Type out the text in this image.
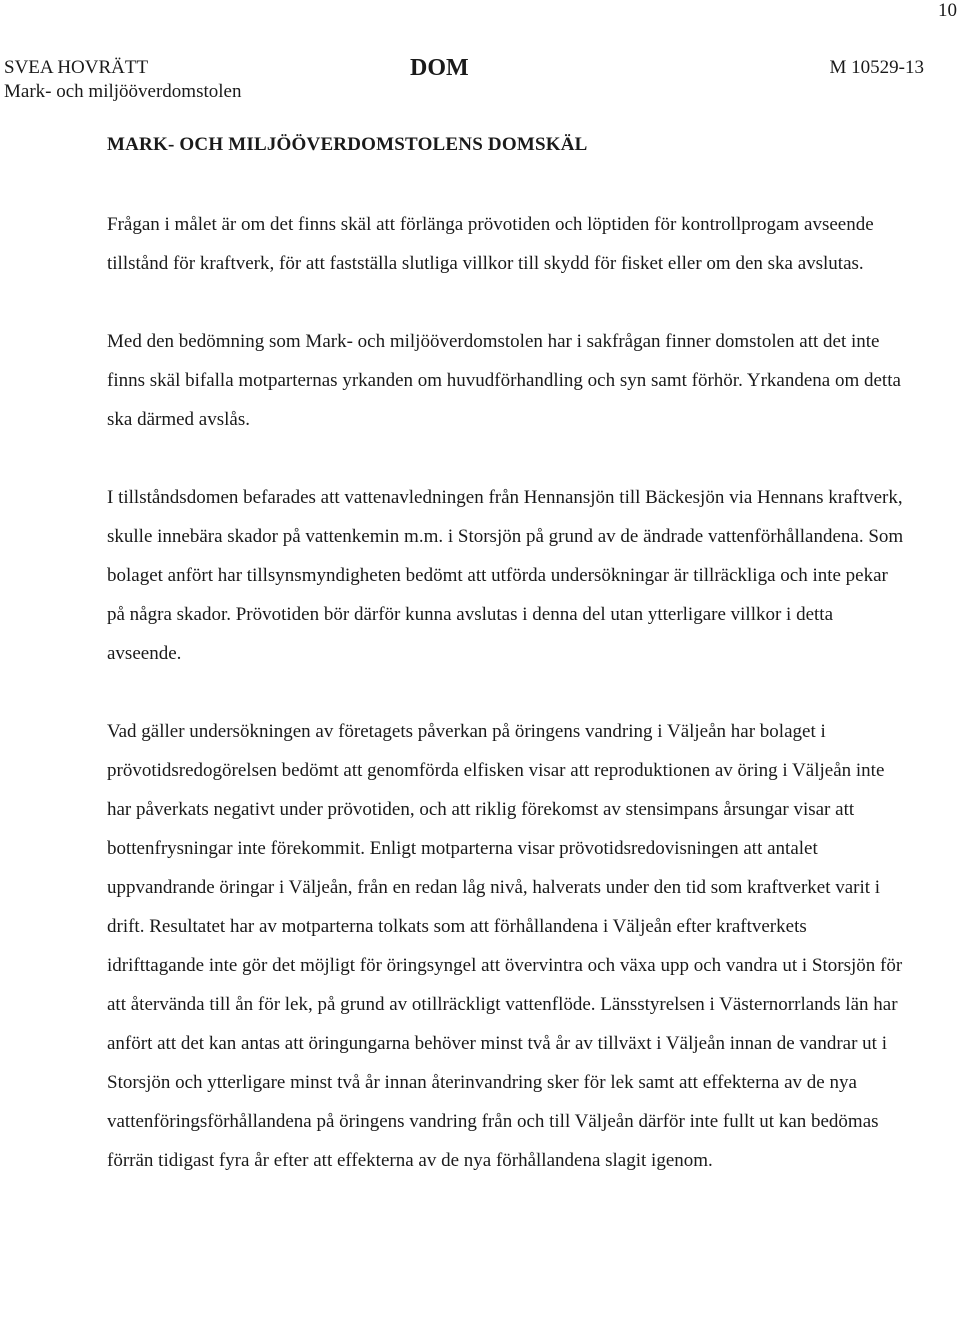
10
SVEA HOVRÄTT
Mark- och miljööverdomstolen
DOM	M 10529-13
MARK- OCH MILJÖÖVERDOMSTOLENS DOMSKÄL

Frågan i målet är om det finns skäl att förlänga prövotiden och löptiden för kontrollprogam avseende tillstånd för kraftverk, för att fastställa slutliga villkor till skydd för fisket eller om den ska avslutas.

Med den bedömning som Mark- och miljööverdomstolen har i sakfrågan finner domstolen att det inte finns skäl bifalla motparternas yrkanden om huvudförhandling och syn samt förhör. Yrkandena om detta ska därmed avslås.

I tillståndsdomen befarades att vattenavledningen från Hennansjön till Bäckesjön via Hennans kraftverk, skulle innebära skador på vattenkemin m.m. i Storsjön på grund av de ändrade vattenförhållandena. Som bolaget anfört har tillsynsmyndigheten bedömt att utförda undersökningar är tillräckliga och inte pekar på några skador. Prövotiden bör därför kunna avslutas i denna del utan ytterligare villkor i detta avseende.

Vad gäller undersökningen av företagets påverkan på öringens vandring i Väljeån har bolaget i prövotidsredogörelsen bedömt att genomförda elfisken visar att reproduktionen av öring i Väljeån inte har påverkats negativt under prövotiden, och att riklig förekomst av stensimpans årsungar visar att bottenfrysningar inte förekommit. Enligt motparterna visar prövotidsredovisningen att antalet uppvandrande öringar i Väljeån, från en redan låg nivå, halverats under den tid som kraftverket varit i drift. Resultatet har av motparterna tolkats som att förhållandena i Väljeån efter kraftverkets idrifttagande inte gör det möjligt för öringsyngel att övervintra och växa upp och vandra ut i Storsjön för att återvända till ån för lek, på grund av otillräckligt vattenflöde. Länsstyrelsen i Västernorrlands län har anfört att det kan antas att öringungarna behöver minst två år av tillväxt i Väljeån innan de vandrar ut i Storsjön och ytterligare minst två år innan återinvandring sker för lek samt att effekterna av de nya vattenföringsförhållandena på öringens vandring från och till Väljeån därför inte fullt ut kan bedömas förrän tidigast fyra år efter att effekterna av de nya förhållandena slagit igenom.
